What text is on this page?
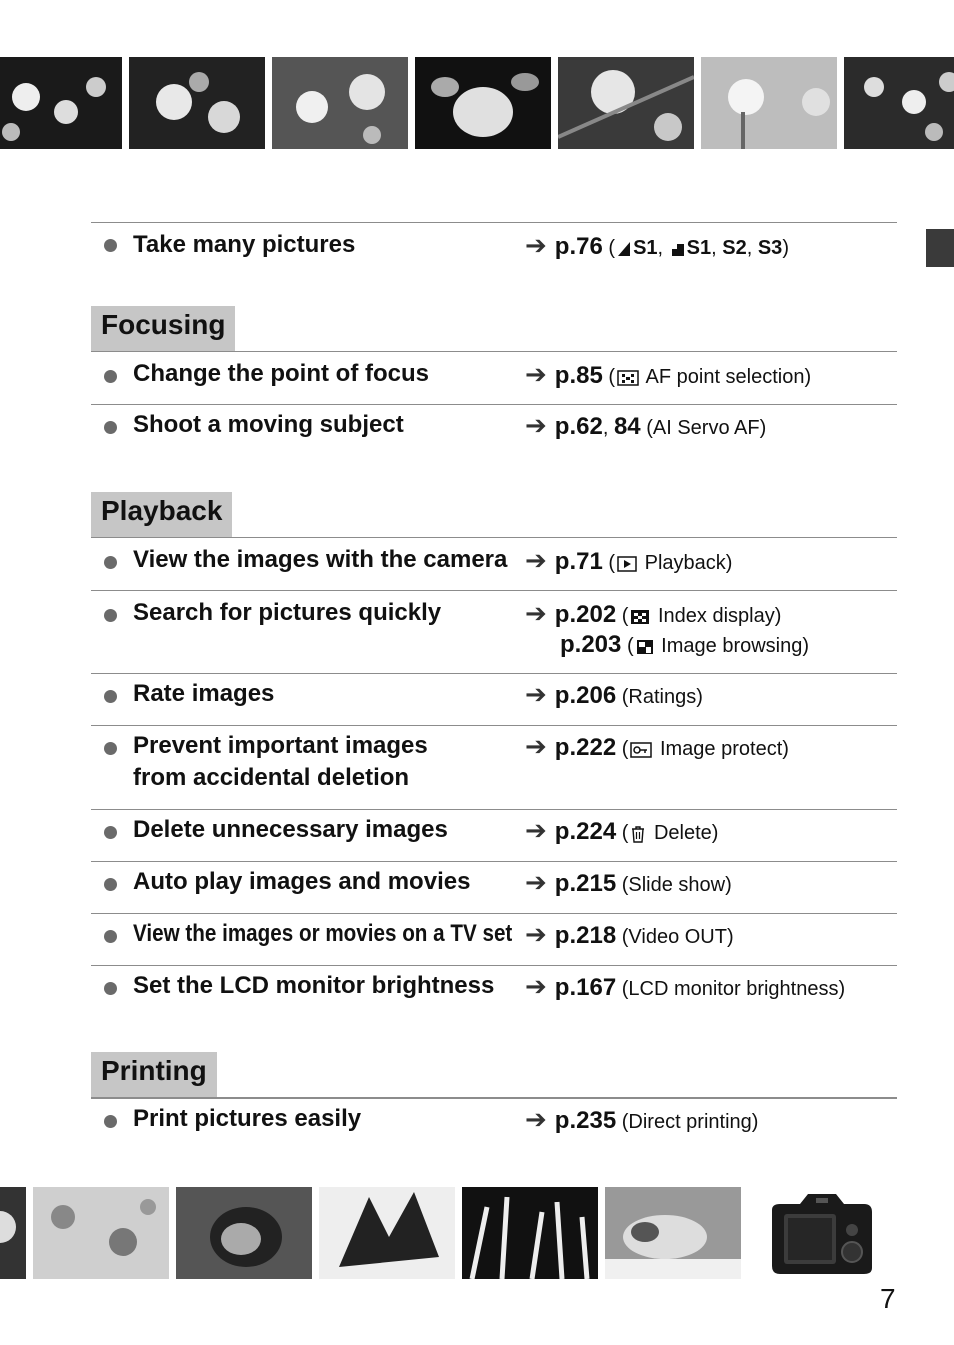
Take many pictures	➔ p.76 ( S1, S1, S2, S3)
Focusing
Change the point of focus	➔ p.85 ( AF point selection)
Shoot a moving subject	➔ p.62, 84 (AI Servo AF)
Playback
View the images with the camera ➔ p.71 ( Playback)
Search for pictures quickly	➔ p.202 ( Index display)
p.203 ( Image browsing)
Rate images	➔ p.206 (Ratings)
Prevent important images
from accidental deletion
➔ p.222 ( Image protect)
Delete unnecessary images	➔ p.224 ( Delete)
Auto play images and movies ➔ p.215 (Slide show)
View the images or movies on a TV set ➔ p.218 (Video OUT)
Set the LCD monitor brightness ➔ p.167 (LCD monitor brightness)
Printing
Print pictures easily	➔ p.235 (Direct printing)
7
